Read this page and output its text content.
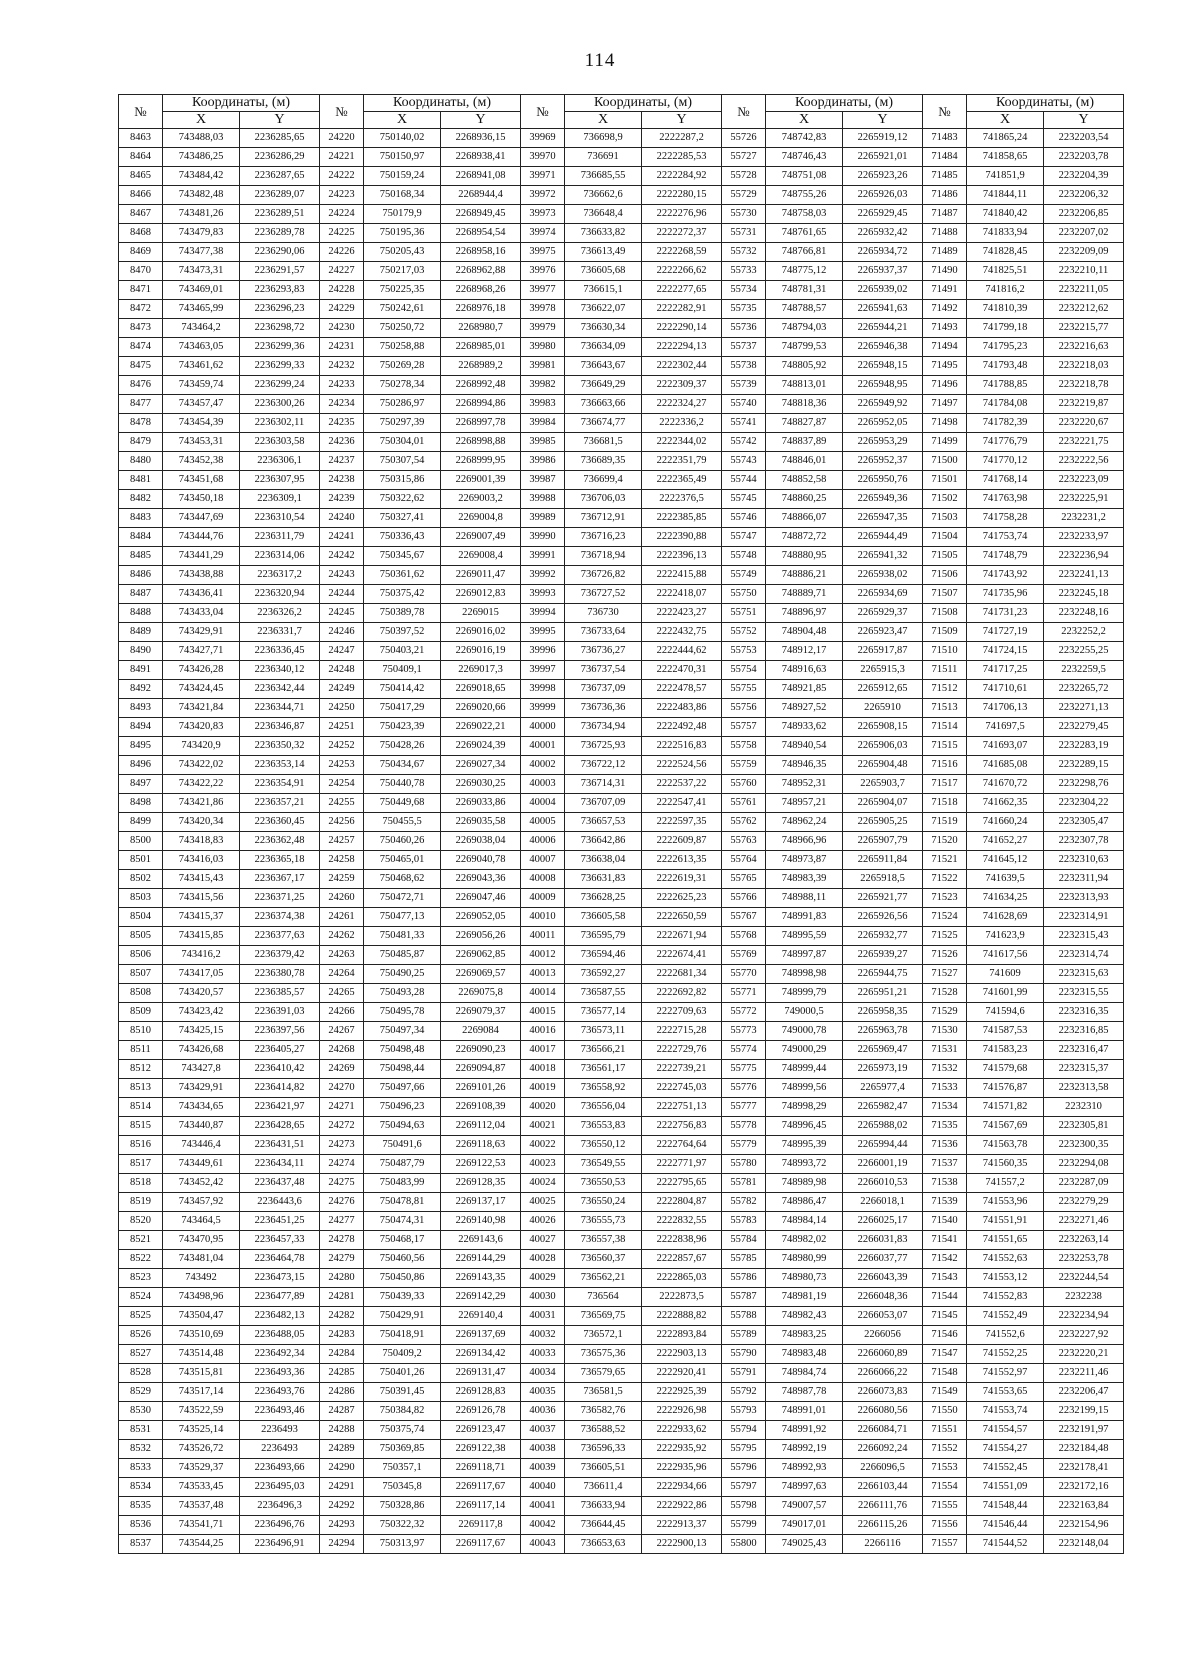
114
№	Координаты, (м)		№	Координаты, (м)		№	Координаты, (м)		№	Координаты, (м)		№	Координаты, (м)	
	X	Y		X	Y		X	Y		X	Y		X	Y
8463	743488,03	2236285,65	24220	750140,02	2268936,15	39969	736698,9	2222287,2	55726	748742,83	2265919,12	71483	741865,24	2232203,54
8464	743486,25	2236286,29	24221	750150,97	2268938,41	39970	736691	2222285,53	55727	748746,43	2265921,01	71484	741858,65	2232203,78
8465	743484,42	2236287,65	24222	750159,24	2268941,08	39971	736685,55	2222284,92	55728	748751,08	2265923,26	71485	741851,9	2232204,39
8466	743482,48	2236289,07	24223	750168,34	2268944,4	39972	736662,6	2222280,15	55729	748755,26	2265926,03	71486	741844,11	2232206,32
8467	743481,26	2236289,51	24224	750179,9	2268949,45	39973	736648,4	2222276,96	55730	748758,03	2265929,45	71487	741840,42	2232206,85
8468	743479,83	2236289,78	24225	750195,36	2268954,54	39974	736633,82	2222272,37	55731	748761,65	2265932,42	71488	741833,94	2232207,02
8469	743477,38	2236290,06	24226	750205,43	2268958,16	39975	736613,49	2222268,59	55732	748766,81	2265934,72	71489	741828,45	2232209,09
8470	743473,31	2236291,57	24227	750217,03	2268962,88	39976	736605,68	2222266,62	55733	748775,12	2265937,37	71490	741825,51	2232210,11
8471	743469,01	2236293,83	24228	750225,35	2268968,26	39977	736615,1	2222277,65	55734	748781,31	2265939,02	71491	741816,2	2232211,05
8472	743465,99	2236296,23	24229	750242,61	2268976,18	39978	736622,07	2222282,91	55735	748788,57	2265941,63	71492	741810,39	2232212,62
8473	743464,2	2236298,72	24230	750250,72	2268980,7	39979	736630,34	2222290,14	55736	748794,03	2265944,21	71493	741799,18	2232215,77
8474	743463,05	2236299,36	24231	750258,88	2268985,01	39980	736634,09	2222294,13	55737	748799,53	2265946,38	71494	741795,23	2232216,63
8475	743461,62	2236299,33	24232	750269,28	2268989,2	39981	736643,67	2222302,44	55738	748805,92	2265948,15	71495	741793,48	2232218,03
8476	743459,74	2236299,24	24233	750278,34	2268992,48	39982	736649,29	2222309,37	55739	748813,01	2265948,95	71496	741788,85	2232218,78
8477	743457,47	2236300,26	24234	750286,97	2268994,86	39983	736663,66	2222324,27	55740	748818,36	2265949,92	71497	741784,08	2232219,87
8478	743454,39	2236302,11	24235	750297,39	2268997,78	39984	736674,77	2222336,2	55741	748827,87	2265952,05	71498	741782,39	2232220,67
8479	743453,31	2236303,58	24236	750304,01	2268998,88	39985	736681,5	2222344,02	55742	748837,89	2265953,29	71499	741776,79	2232221,75
8480	743452,38	2236306,1	24237	750307,54	2268999,95	39986	736689,35	2222351,79	55743	748846,01	2265952,37	71500	741770,12	2232222,56
8481	743451,68	2236307,95	24238	750315,86	2269001,39	39987	736699,4	2222365,49	55744	748852,58	2265950,76	71501	741768,14	2232223,09
8482	743450,18	2236309,1	24239	750322,62	2269003,2	39988	736706,03	2222376,5	55745	748860,25	2265949,36	71502	741763,98	2232225,91
8483	743447,69	2236310,54	24240	750327,41	2269004,8	39989	736712,91	2222385,85	55746	748866,07	2265947,35	71503	741758,28	2232231,2
8484	743444,76	2236311,79	24241	750336,43	2269007,49	39990	736716,23	2222390,88	55747	748872,72	2265944,49	71504	741753,74	2232233,97
8485	743441,29	2236314,06	24242	750345,67	2269008,4	39991	736718,94	2222396,13	55748	748880,95	2265941,32	71505	741748,79	2232236,94
8486	743438,88	2236317,2	24243	750361,62	2269011,47	39992	736726,82	2222415,88	55749	748886,21	2265938,02	71506	741743,92	2232241,13
8487	743436,41	2236320,94	24244	750375,42	2269012,83	39993	736727,52	2222418,07	55750	748889,71	2265934,69	71507	741735,96	2232245,18
8488	743433,04	2236326,2	24245	750389,78	2269015	39994	736730	2222423,27	55751	748896,97	2265929,37	71508	741731,23	2232248,16
8489	743429,91	2236331,7	24246	750397,52	2269016,02	39995	736733,64	2222432,75	55752	748904,48	2265923,47	71509	741727,19	2232252,2
8490	743427,71	2236336,45	24247	750403,21	2269016,19	39996	736736,27	2222444,62	55753	748912,17	2265917,87	71510	741724,15	2232255,25
8491	743426,28	2236340,12	24248	750409,1	2269017,3	39997	736737,54	2222470,31	55754	748916,63	2265915,3	71511	741717,25	2232259,5
8492	743424,45	2236342,44	24249	750414,42	2269018,65	39998	736737,09	2222478,57	55755	748921,85	2265912,65	71512	741710,61	2232265,72
8493	743421,84	2236344,71	24250	750417,29	2269020,66	39999	736736,36	2222483,86	55756	748927,52	2265910	71513	741706,13	2232271,13
8494	743420,83	2236346,87	24251	750423,39	2269022,21	40000	736734,94	2222492,48	55757	748933,62	2265908,15	71514	741697,5	2232279,45
8495	743420,9	2236350,32	24252	750428,26	2269024,39	40001	736725,93	2222516,83	55758	748940,54	2265906,03	71515	741693,07	2232283,19
8496	743422,02	2236353,14	24253	750434,67	2269027,34	40002	736722,12	2222524,56	55759	748946,35	2265904,48	71516	741685,08	2232289,15
8497	743422,22	2236354,91	24254	750440,78	2269030,25	40003	736714,31	2222537,22	55760	748952,31	2265903,7	71517	741670,72	2232298,76
8498	743421,86	2236357,21	24255	750449,68	2269033,86	40004	736707,09	2222547,41	55761	748957,21	2265904,07	71518	741662,35	2232304,22
8499	743420,34	2236360,45	24256	750455,5	2269035,58	40005	736657,53	2222597,35	55762	748962,24	2265905,25	71519	741660,24	2232305,47
8500	743418,83	2236362,48	24257	750460,26	2269038,04	40006	736642,86	2222609,87	55763	748966,96	2265907,79	71520	741652,27	2232307,78
8501	743416,03	2236365,18	24258	750465,01	2269040,78	40007	736638,04	2222613,35	55764	748973,87	2265911,84	71521	741645,12	2232310,63
8502	743415,43	2236367,17	24259	750468,62	2269043,36	40008	736631,83	2222619,31	55765	748983,39	2265918,5	71522	741639,5	2232311,94
8503	743415,56	2236371,25	24260	750472,71	2269047,46	40009	736628,25	2222625,23	55766	748988,11	2265921,77	71523	741634,25	2232313,93
8504	743415,37	2236374,38	24261	750477,13	2269052,05	40010	736605,58	2222650,59	55767	748991,83	2265926,56	71524	741628,69	2232314,91
8505	743415,85	2236377,63	24262	750481,33	2269056,26	40011	736595,79	2222671,94	55768	748995,59	2265932,77	71525	741623,9	2232315,43
8506	743416,2	2236379,42	24263	750485,87	2269062,85	40012	736594,46	2222674,41	55769	748997,87	2265939,27	71526	741617,56	2232314,74
8507	743417,05	2236380,78	24264	750490,25	2269069,57	40013	736592,27	2222681,34	55770	748998,98	2265944,75	71527	741609	2232315,63
8508	743420,57	2236385,57	24265	750493,28	2269075,8	40014	736587,55	2222692,82	55771	748999,79	2265951,21	71528	741601,99	2232315,55
8509	743423,42	2236391,03	24266	750495,78	2269079,37	40015	736577,14	2222709,63	55772	749000,5	2265958,35	71529	741594,6	2232316,35
8510	743425,15	2236397,56	24267	750497,34	2269084	40016	736573,11	2222715,28	55773	749000,78	2265963,78	71530	741587,53	2232316,85
8511	743426,68	2236405,27	24268	750498,48	2269090,23	40017	736566,21	2222729,76	55774	749000,29	2265969,47	71531	741583,23	2232316,47
8512	743427,8	2236410,42	24269	750498,44	2269094,87	40018	736561,17	2222739,21	55775	748999,44	2265973,19	71532	741579,68	2232315,37
8513	743429,91	2236414,82	24270	750497,66	2269101,26	40019	736558,92	2222745,03	55776	748999,56	2265977,4	71533	741576,87	2232313,58
8514	743434,65	2236421,97	24271	750496,23	2269108,39	40020	736556,04	2222751,13	55777	748998,29	2265982,47	71534	741571,82	2232310
8515	743440,87	2236428,65	24272	750494,63	2269112,04	40021	736553,83	2222756,83	55778	748996,45	2265988,02	71535	741567,69	2232305,81
8516	743446,4	2236431,51	24273	750491,6	2269118,63	40022	736550,12	2222764,64	55779	748995,39	2265994,44	71536	741563,78	2232300,35
8517	743449,61	2236434,11	24274	750487,79	2269122,53	40023	736549,55	2222771,97	55780	748993,72	2266001,19	71537	741560,35	2232294,08
8518	743452,42	2236437,48	24275	750483,99	2269128,35	40024	736550,53	2222795,65	55781	748989,98	2266010,53	71538	741557,2	2232287,09
8519	743457,92	2236443,6	24276	750478,81	2269137,17	40025	736550,24	2222804,87	55782	748986,47	2266018,1	71539	741553,96	2232279,29
8520	743464,5	2236451,25	24277	750474,31	2269140,98	40026	736555,73	2222832,55	55783	748984,14	2266025,17	71540	741551,91	2232271,46
8521	743470,95	2236457,33	24278	750468,17	2269143,6	40027	736557,38	2222838,96	55784	748982,02	2266031,83	71541	741551,65	2232263,14
8522	743481,04	2236464,78	24279	750460,56	2269144,29	40028	736560,37	2222857,67	55785	748980,99	2266037,77	71542	741552,63	2232253,78
8523	743492	2236473,15	24280	750450,86	2269143,35	40029	736562,21	2222865,03	55786	748980,73	2266043,39	71543	741553,12	2232244,54
8524	743498,96	2236477,89	24281	750439,33	2269142,29	40030	736564	2222873,5	55787	748981,19	2266048,36	71544	741552,83	2232238
8525	743504,47	2236482,13	24282	750429,91	2269140,4	40031	736569,75	2222888,82	55788	748982,43	2266053,07	71545	741552,49	2232234,94
8526	743510,69	2236488,05	24283	750418,91	2269137,69	40032	736572,1	2222893,84	55789	748983,25	2266056	71546	741552,6	2232227,92
8527	743514,48	2236492,34	24284	750409,2	2269134,42	40033	736575,36	2222903,13	55790	748983,48	2266060,89	71547	741552,25	2232220,21
8528	743515,81	2236493,36	24285	750401,26	2269131,47	40034	736579,65	2222920,41	55791	748984,74	2266066,22	71548	741552,97	2232211,46
8529	743517,14	2236493,76	24286	750391,45	2269128,83	40035	736581,5	2222925,39	55792	748987,78	2266073,83	71549	741553,65	2232206,47
8530	743522,59	2236493,46	24287	750384,82	2269126,78	40036	736582,76	2222926,98	55793	748991,01	2266080,56	71550	741553,74	2232199,15
8531	743525,14	2236493	24288	750375,74	2269123,47	40037	736588,52	2222933,62	55794	748991,92	2266084,71	71551	741554,57	2232191,97
8532	743526,72	2236493	24289	750369,85	2269122,38	40038	736596,33	2222935,92	55795	748992,19	2266092,24	71552	741554,27	2232184,48
8533	743529,37	2236493,66	24290	750357,1	2269118,71	40039	736605,51	2222935,96	55796	748992,93	2266096,5	71553	741552,45	2232178,41
8534	743533,45	2236495,03	24291	750345,8	2269117,67	40040	736611,4	2222934,66	55797	748997,63	2266103,44	71554	741551,09	2232172,16
8535	743537,48	2236496,3	24292	750328,86	2269117,14	40041	736633,94	2222922,86	55798	749007,57	2266111,76	71555	741548,44	2232163,84
8536	743541,71	2236496,76	24293	750322,32	2269117,8	40042	736644,45	2222913,37	55799	749017,01	2266115,26	71556	741546,44	2232154,96
8537	743544,25	2236496,91	24294	750313,97	2269117,67	40043	736653,63	2222900,13	55800	749025,43	2266116	71557	741544,52	2232148,04
